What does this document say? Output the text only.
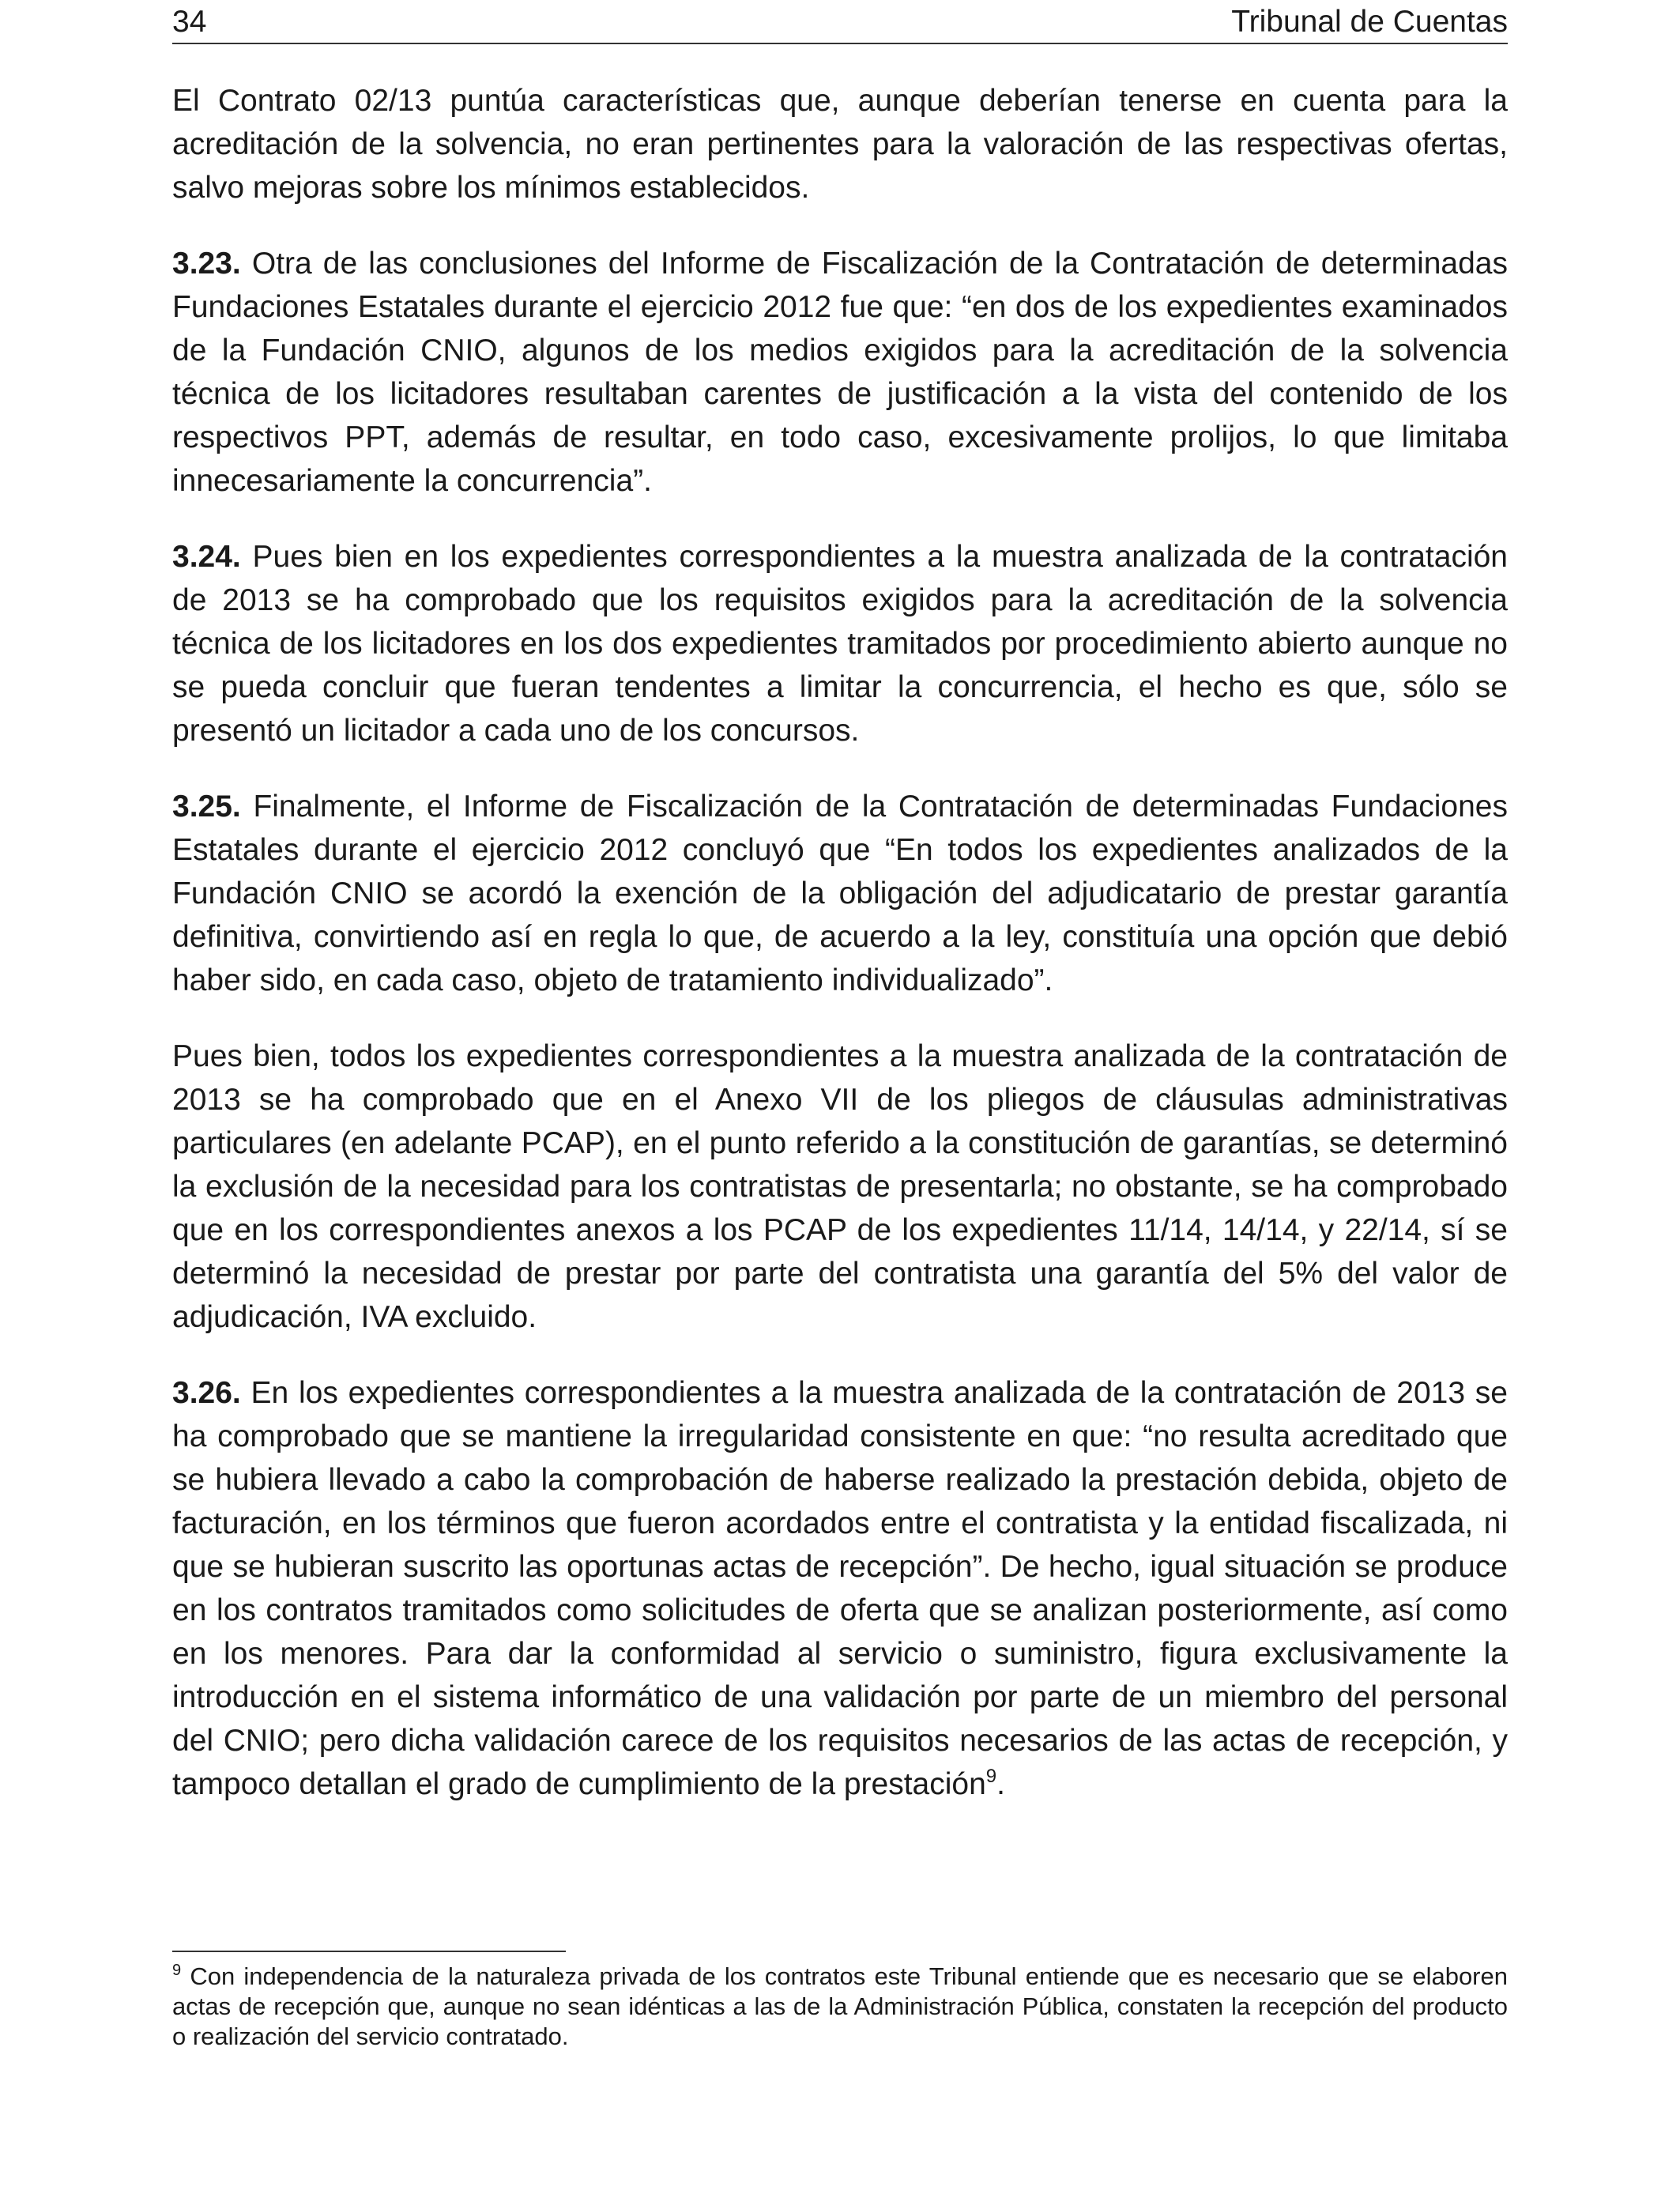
34	Tribunal de Cuentas

El Contrato 02/13 puntúa características que, aunque deberían tenerse en cuenta para la acreditación de la solvencia, no eran pertinentes para la valoración de las respectivas ofertas, salvo mejoras sobre los mínimos establecidos.

3.23. Otra de las conclusiones del Informe de Fiscalización de la Contratación de determinadas Fundaciones Estatales durante el ejercicio 2012 fue que: “en dos de los expedientes examinados de la Fundación CNIO, algunos de los medios exigidos para la acreditación de la solvencia técnica de los licitadores resultaban carentes de justificación a la vista del contenido de los respectivos PPT, además de resultar, en todo caso, excesivamente prolijos, lo que limitaba innecesariamente la concurrencia”.

3.24. Pues bien en los expedientes correspondientes a la muestra analizada de la contratación de 2013 se ha comprobado que los requisitos exigidos para la acreditación de la solvencia técnica de los licitadores en los dos expedientes tramitados por procedimiento abierto aunque no se pueda concluir que fueran tendentes a limitar la concurrencia, el hecho es que, sólo se presentó un licitador a cada uno de los concursos.

3.25. Finalmente, el Informe de Fiscalización de la Contratación de determinadas Fundaciones Estatales durante el ejercicio 2012 concluyó que “En todos los expedientes analizados de la Fundación CNIO se acordó la exención de la obligación del adjudicatario de prestar garantía definitiva, convirtiendo así en regla lo que, de acuerdo a la ley, constituía una opción que debió haber sido, en cada caso, objeto de tratamiento individualizado”.

Pues bien, todos los expedientes correspondientes a la muestra analizada de la contratación de 2013 se ha comprobado que en el Anexo VII de los pliegos de cláusulas administrativas particulares (en adelante PCAP), en el punto referido a la constitución de garantías, se determinó la exclusión de la necesidad para los contratistas de presentarla; no obstante, se ha comprobado que en los correspondientes anexos a los PCAP de los expedientes 11/14, 14/14, y 22/14, sí se determinó la necesidad de prestar por parte del contratista una garantía del 5% del valor de adjudicación, IVA excluido.

3.26. En los expedientes correspondientes a la muestra analizada de la contratación de 2013 se ha comprobado que se mantiene la irregularidad consistente en que: “no resulta acreditado que se hubiera llevado a cabo la comprobación de haberse realizado la prestación debida, objeto de facturación, en los términos que fueron acordados entre el contratista y la entidad fiscalizada, ni que se hubieran suscrito las oportunas actas de recepción”. De hecho, igual situación se produce en los contratos tramitados como solicitudes de oferta que se analizan posteriormente, así como en los menores. Para dar la conformidad al servicio o suministro, figura exclusivamente la introducción en el sistema informático de una validación por parte de un miembro del personal del CNIO; pero dicha validación carece de los requisitos necesarios de las actas de recepción, y tampoco detallan el grado de cumplimiento de la prestación$^9$.

$^9$ Con independencia de la naturaleza privada de los contratos este Tribunal entiende que es necesario que se elaboren actas de recepción que, aunque no sean idénticas a las de la Administración Pública, constaten la recepción del producto o realización del servicio contratado.
